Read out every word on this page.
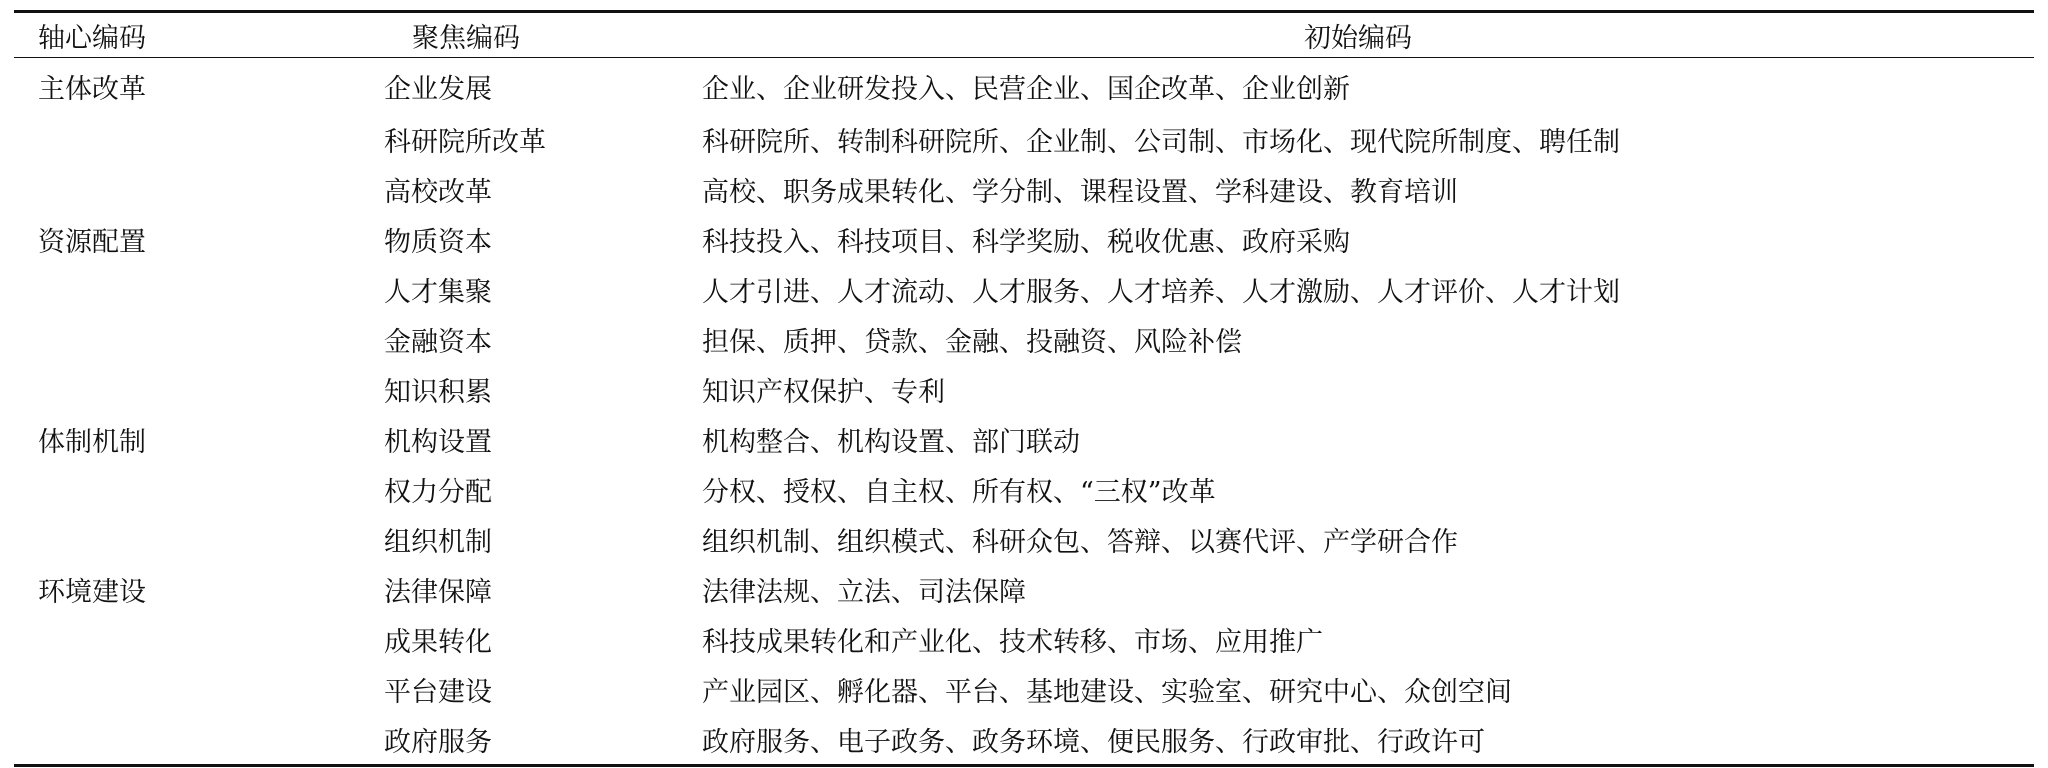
轴心编码	聚焦编码	初始编码
主体改革	企业发展	企业、企业研发投入、民营企业、国企改革、企业创新
	科研院所改革	科研院所、转制科研院所、企业制、公司制、市场化、现代院所制度、聘任制
	高校改革	高校、职务成果转化、学分制、课程设置、学科建设、教育培训
资源配置	物质资本	科技投入、科技项目、科学奖励、税收优惠、政府采购
	人才集聚	人才引进、人才流动、人才服务、人才培养、人才激励、人才评价、人才计划
	金融资本	担保、质押、贷款、金融、投融资、风险补偿
	知识积累	知识产权保护、专利
体制机制	机构设置	机构整合、机构设置、部门联动
	权力分配	分权、授权、自主权、所有权、“三权”改革
	组织机制	组织机制、组织模式、科研众包、答辩、以赛代评、产学研合作
环境建设	法律保障	法律法规、立法、司法保障
	成果转化	科技成果转化和产业化、技术转移、市场、应用推广
	平台建设	产业园区、孵化器、平台、基地建设、实验室、研究中心、众创空间
	政府服务	政府服务、电子政务、政务环境、便民服务、行政审批、行政许可
